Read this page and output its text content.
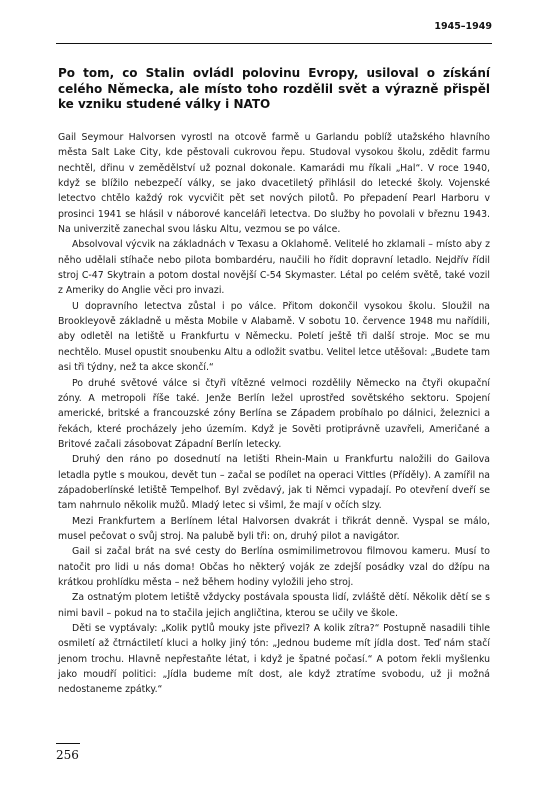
1945–1949
Po tom, co Stalin ovládl polovinu Evropy, usiloval o získání celého Německa, ale místo toho rozdělil svět a výrazně přispěl ke vzniku studené války i NATO

Gail Seymour Halvorsen vyrostl na otcově farmě u Garlandu poblíž utažského hlavního města Salt Lake City, kde pěstovali cukrovou řepu. Studoval vysokou školu, zdědit farmu nechtěl, dřinu v zemědělství už poznal dokonale. Kamarádi mu říkali „Hal“. V roce 1940, když se blížilo nebezpečí války, se jako dvacetiletý přihlásil do letecké školy. Vojenské letectvo chtělo každý rok vycvičit pět set nových pilotů. Po přepadení Pearl Harboru v prosinci 1941 se hlásil v náborové kanceláři letectva. Do služby ho povolali v březnu 1943. Na univerzitě zanechal svou lásku Altu, vezmou se po válce.

Absolvoval výcvik na základnách v Texasu a Oklahomě. Velitelé ho zklamali – místo aby z něho udělali stíhače nebo pilota bombardéru, naučili ho řídit dopravní letadlo. Nejdřív řídil stroj C-47 Skytrain a potom dostal novější C-54 Skymaster. Létal po celém světě, také vozil z Ameriky do Anglie věci pro invazi.

U dopravního letectva zůstal i po válce. Přitom dokončil vysokou školu. Sloužil na Brookleyově základně u města Mobile v Alabamě. V sobotu 10. července 1948 mu nařídili, aby odletěl na letiště u Frankfurtu v Německu. Poletí ještě tři další stroje. Moc se mu nechtělo. Musel opustit snoubenku Altu a odložit svatbu. Velitel letce utěšoval: „Budete tam asi tři týdny, než ta akce skončí.“

Po druhé světové válce si čtyři vítězné velmoci rozdělily Německo na čtyři okupační zóny. A metropoli říše také. Jenže Berlín ležel uprostřed sovětského sektoru. Spojení americké, britské a francouzské zóny Berlína se Západem probíhalo po dálnici, železnici a řekách, které procházely jeho územím. Když je Sověti protiprávně uzavřeli, Američané a Britové začali zásobovat Západní Berlín letecky.

Druhý den ráno po dosednutí na letišti Rhein-Main u Frankfurtu naložili do Gailova letadla pytle s moukou, devět tun – začal se podílet na operaci Vittles (Příděly). A zamířil na západoberlínské letiště Tempelhof. Byl zvědavý, jak ti Němci vypadají. Po otevření dveří se tam nahrnulo několik mužů. Mladý letec si všiml, že mají v očích slzy.

Mezi Frankfurtem a Berlínem létal Halvorsen dvakrát i třikrát denně. Vyspal se málo, musel pečovat o svůj stroj. Na palubě byli tři: on, druhý pilot a navigátor.

Gail si začal brát na své cesty do Berlína osmimilimetrovou filmovou kameru. Musí to natočit pro lidi u nás doma! Občas ho některý voják ze zdejší posádky vzal do džípu na krátkou prohlídku města – než během hodiny vyložili jeho stroj.

Za ostnatým plotem letiště vždycky postávala spousta lidí, zvláště dětí. Několik dětí se s nimi bavil – pokud na to stačila jejich angličtina, kterou se učily ve škole.

Děti se vyptávaly: „Kolik pytlů mouky jste přivezl? A kolik zítra?“ Postupně nasadili tihle osmiletí až čtrnáctiletí kluci a holky jiný tón: „Jednou budeme mít jídla dost. Teď nám stačí jenom trochu. Hlavně nepřestaňte létat, i když je špatné počasí.“ A potom řekli myšlenku jako moudří politici: „Jídla budeme mít dost, ale když ztratíme svobodu, už ji možná nedostaneme zpátky.“

256
